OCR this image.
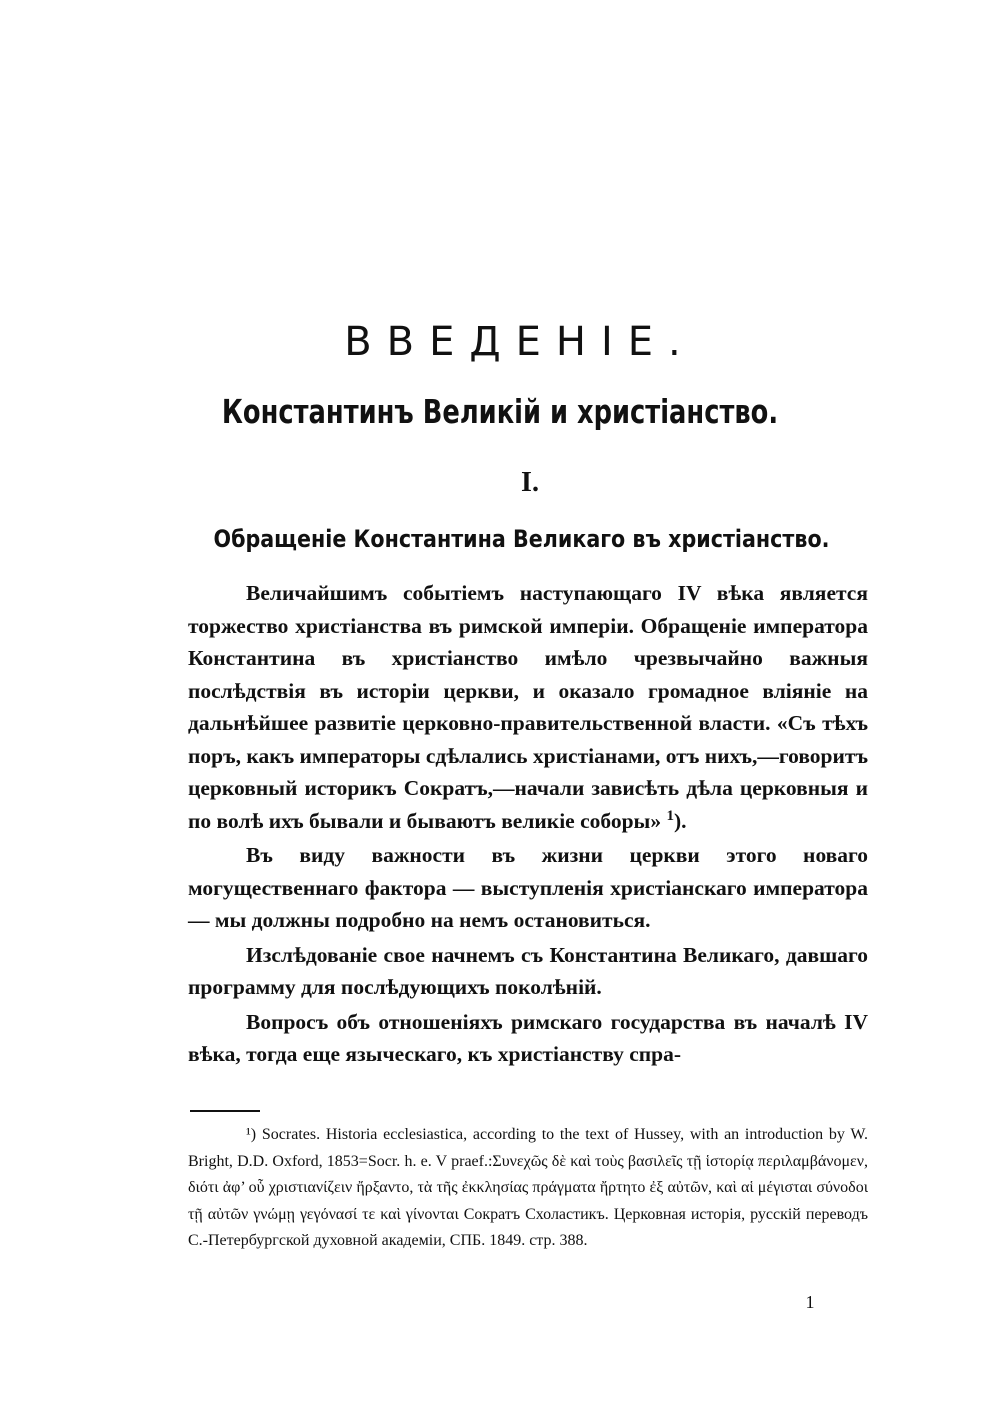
ВВЕДЕНІЕ.
Константинъ Великій и христіанство.
I.
Обращеніе Константина Великаго въ христіанство.

Величайшимъ событіемъ наступающаго IV вѣка является торжество христіанства въ римской имперіи. Обращеніе императора Константина въ христіанство имѣло чрезвычайно важныя послѣдствія въ исторіи церкви, и оказало громадное вліяніе на дальнѣйшее развитіе церковно-правительственной власти. «Съ тѣхъ поръ, какъ императоры сдѣлались христіанами, отъ нихъ,—говоритъ церковный историкъ Сократъ,—начали зависѣть дѣла церковныя и по волѣ ихъ бывали и бываютъ великіе соборы» $^1$).

Въ виду важности въ жизни церкви этого новаго могущественнаго фактора — выступленія христіанскаго императора— мы должны подробно на немъ остановиться.

Изслѣдованіе свое начнемъ съ Константина Великаго, давшаго программу для послѣдующихъ поколѣній.

Вопросъ объ отношеніяхъ римскаго государства въ началѣ IV вѣка, тогда еще языческаго, къ христіанству спра-

¹) Socrates. Historia ecclesiastica, according to the text of Hussey, with an introduction by W. Bright, D.D. Oxford, 1853=Socr. h. e. V praef.:Συνεχῶς δὲ καὶ τοὺς βασιλεῖς τῇ ἱστορίᾳ περιλαμβάνομεν, διότι ἀφ’ οὗ χριστιανίζειν ἤρξαντο, τὰ τῆς ἐκκλησίας πράγματα ἤρτητο ἐξ αὐτῶν, καὶ αἱ μέγισται σύνοδοι τῇ αὐτῶν γνώμῃ γεγόνασί τε καὶ γίνονται Сократъ Схоластикъ. Церковная исторія, русскій переводъ С.-Петербургской духовной академіи, СПБ. 1849. стр. 388.

1
